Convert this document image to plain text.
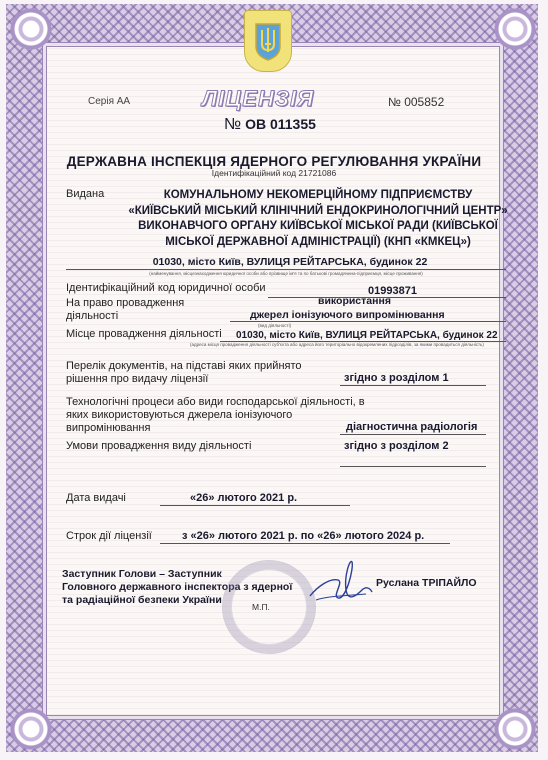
Серія АА	ЛІЦЕНЗІЯ	№ 005852
№ ОВ 011355
ДЕРЖАВНА ІНСПЕКЦІЯ ЯДЕРНОГО РЕГУЛЮВАННЯ УКРАЇНИ
Ідентифікаційний код 21721086
Видана	КОМУНАЛЬНОМУ НЕКОМЕРЦІЙНОМУ ПІДПРИЄМСТВУ «КИЇВСЬКИЙ МІСЬКИЙ КЛІНІЧНИЙ ЕНДОКРИНОЛОГІЧНИЙ ЦЕНТР» ВИКОНАВЧОГО ОРГАНУ КИЇВСЬКОЇ МІСЬКОЇ РАДИ (КИЇВСЬКОЇ МІСЬКОЇ ДЕРЖАВНОЇ АДМІНІСТРАЦІЇ) (КНП «КМКЕЦ»)
01030, місто Київ, ВУЛИЦЯ РЕЙТАРСЬКА, будинок 22
(найменування, місцезнаходження юридичної особи або прізвище ім'я та по батькові громадянина-підприємця, місце проживання)
Ідентифікаційний код юридичної особи	01993871
На право провадження
діяльності
використання
джерел іонізуючого випромінювання
(вид діяльності)
Місце провадження діяльності 01030, місто Київ, ВУЛИЦЯ РЕЙТАРСЬКА, будинок 22
(адреса місця провадження діяльності суб'єкта або адреса його територіально відокремлених підрозділів, за якими провадиться діяльність)
Перелік документів, на підставі яких прийнято
рішення про видачу ліцензії	згідно з розділом 1
Технологічні процеси або види господарської діяльності, в
яких використовуються джерела іонізуючого
випромінювання	діагностична радіологія
Умови провадження виду діяльності	згідно з розділом 2
Дата видачі	«26» лютого 2021 р.
Строк дії ліцензії	з «26» лютого 2021 р. по «26» лютого 2024 р.
Заступник Голови – Заступник
Головного державного інспектора з ядерної
та радіаційної безпеки України
М.П.
Руслана ТРІПАЙЛО
